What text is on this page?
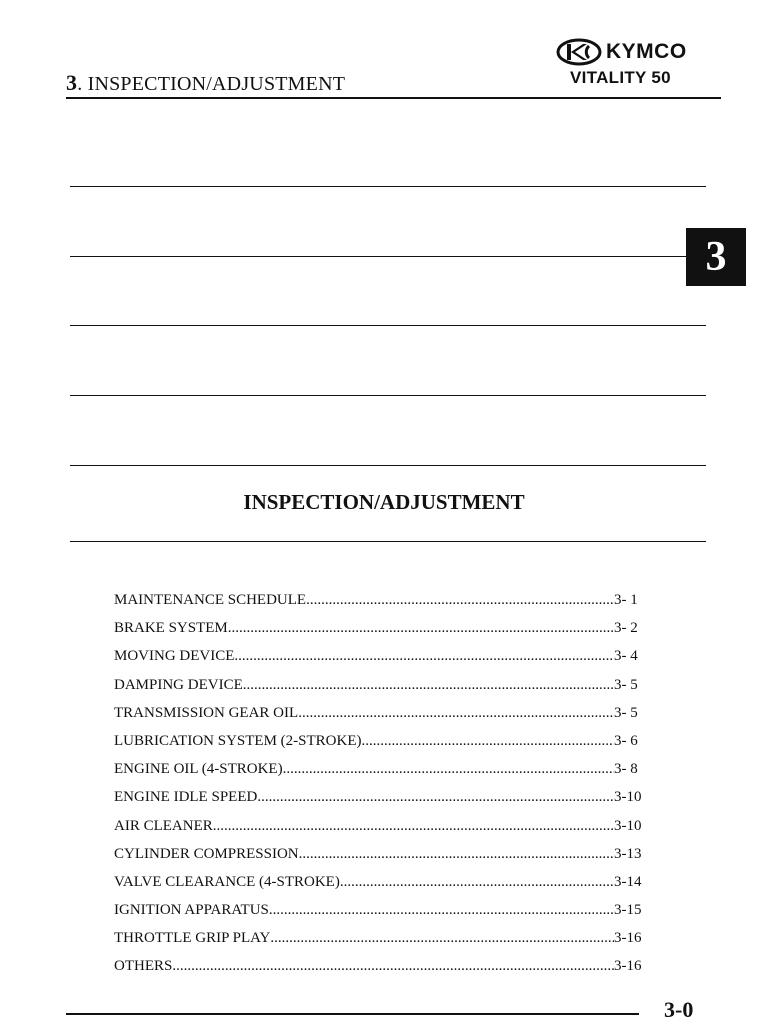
3. INSPECTION/ADJUSTMENT
KYMCO
VITALITY 50
3
INSPECTION/ADJUSTMENT
MAINTENANCE SCHEDULE .....	3- 1
BRAKE SYSTEM .....	3- 2
MOVING DEVICE .....	3- 4
DAMPING DEVICE .....	3- 5
TRANSMISSION GEAR OIL .....	3- 5
LUBRICATION SYSTEM (2-STROKE) .....	3- 6
ENGINE OIL (4-STROKE) .....	3- 8
ENGINE IDLE SPEED .....	3-10
AIR CLEANER .....	3-10
CYLINDER COMPRESSION .....	3-13
VALVE CLEARANCE (4-STROKE) .....	3-14
IGNITION APPARATUS .....	3-15
THROTTLE GRIP PLAY .....	3-16
OTHERS .....	3-16
3-0
